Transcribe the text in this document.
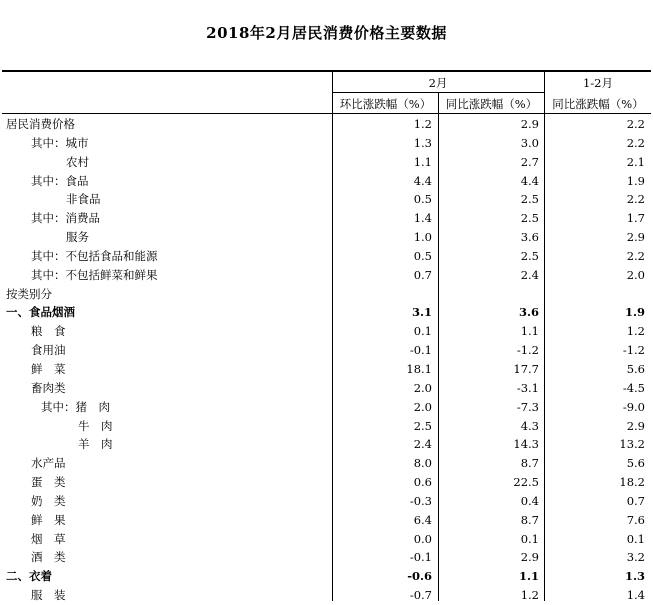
2018年2月居民消费价格主要数据
2月	1-2月
环比涨跌幅（%）	同比涨跌幅（%）	同比涨跌幅（%）
居民消费价格	1.2	2.9	2.2
其中：城市	1.3	3.0	2.2
农村	1.1	2.7	2.1
其中：食品	4.4	4.4	1.9
非食品	0.5	2.5	2.2
其中：消费品	1.4	2.5	1.7
服务	1.0	3.6	2.9
其中：不包括食品和能源	0.5	2.5	2.2
其中：不包括鲜菜和鲜果	0.7	2.4	2.0
按类别分
一、食品烟酒	3.1	3.6	1.9
粮　食	0.1	1.1	1.2
食用油	-0.1	-1.2	-1.2
鲜　菜	18.1	17.7	5.6
畜肉类	2.0	-3.1	-4.5
其中：猪　肉	2.0	-7.3	-9.0
牛　肉	2.5	4.3	2.9
羊　肉	2.4	14.3	13.2
水产品	8.0	8.7	5.6
蛋　类	0.6	22.5	18.2
奶　类	-0.3	0.4	0.7
鲜　果	6.4	8.7	7.6
烟　草	0.0	0.1	0.1
酒　类	-0.1	2.9	3.2
二、衣着	-0.6	1.1	1.3
服　装	-0.7	1.2	1.4
